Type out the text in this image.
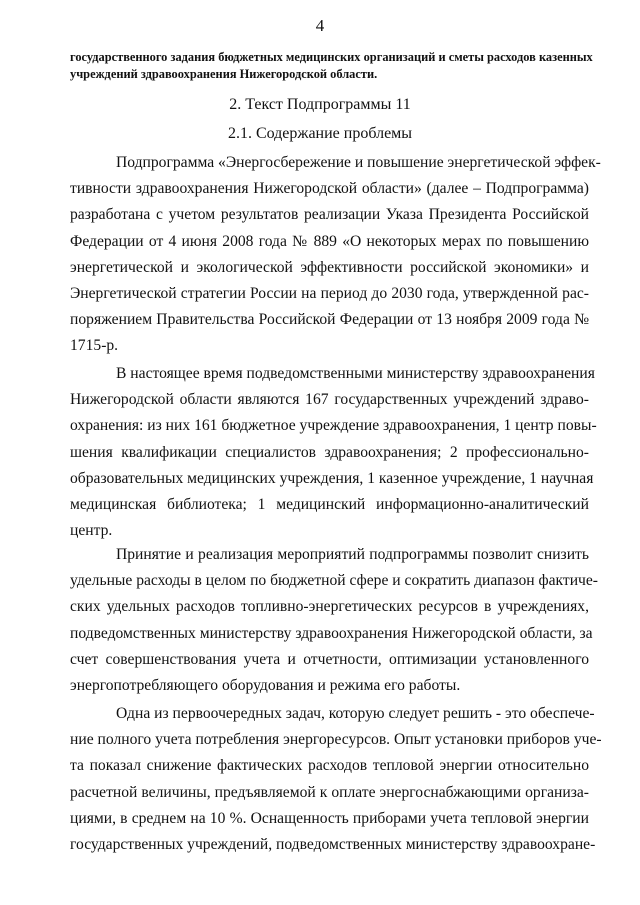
4
государственного задания бюджетных медицинских организаций и сметы расходов казенных
учреждений здравоохранения Нижегородской области.
2. Текст Подпрограммы 11
2.1. Содержание проблемы
Подпрограмма «Энергосбережение и повышение энергетической эффек-
тивности здравоохранения Нижегородской области» (далее – Подпрограмма)
разработана с учетом результатов реализации Указа Президента Российской
Федерации от 4 июня 2008 года № 889 «О некоторых мерах по повышению
энергетической и экологической эффективности российской экономики» и
Энергетической стратегии России на период до 2030 года, утвержденной рас-
поряжением Правительства Российской Федерации от 13 ноября 2009 года №
1715-р.
В настоящее время подведомственными министерству здравоохранения
Нижегородской области являются 167 государственных учреждений здраво-
охранения: из них 161 бюджетное учреждение здравоохранения, 1 центр повы-
шения квалификации специалистов здравоохранения; 2 профессионально-
образовательных медицинских учреждения, 1 казенное учреждение, 1 научная
медицинская библиотека; 1 медицинский информационно-аналитический
центр.
Принятие и реализация мероприятий подпрограммы позволит снизить
удельные расходы в целом по бюджетной сфере и сократить диапазон фактиче-
ских удельных расходов топливно-энергетических ресурсов в учреждениях,
подведомственных министерству здравоохранения Нижегородской области, за
счет совершенствования учета и отчетности, оптимизации установленного
энергопотребляющего оборудования и режима его работы.
Одна из первоочередных задач, которую следует решить - это обеспече-
ние полного учета потребления энергоресурсов. Опыт установки приборов уче-
та показал снижение фактических расходов тепловой энергии относительно
расчетной величины, предъявляемой к оплате энергоснабжающими организа-
циями, в среднем на 10 %. Оснащенность приборами учета тепловой энергии
государственных учреждений, подведомственных министерству здравоохране-
